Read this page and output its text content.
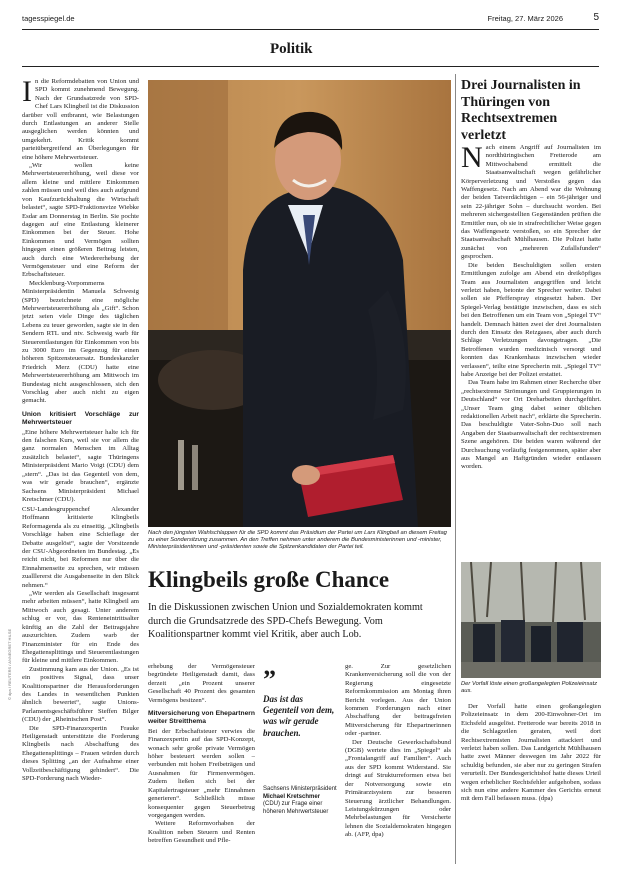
tagesspiegel.de	Freitag, 27. März 2026	5
Politik
© dpa / REUTERS / ANNEGRET HILSE

In die Reformdebatten von Union und SPD kommt zunehmend Bewegung. Nach der Grundsatzrede von SPD-Chef Lars Klingbeil ist die Diskussion darüber voll entbrannt, wie Belastungen durch Entlastungen an anderer Stelle ausgeglichen werden könnten und umgekehrt. Kritik kommt parteiübergreifend an Überlegungen für eine höhere Mehrwertsteuer.

„Wir wollen keine Mehrwertsteuererhöhung, weil diese vor allem kleine und mittlere Einkommen zahlen müssen und weil dies auch aufgrund von Kaufzurückhaltung die Wirtschaft belastet“, sagte SPD-Fraktionsvize Wiebke Esdar am Donnerstag in Berlin. Sie pochte dagegen auf eine Entlastung kleinerer Einkommen bei der Steuer. Hohe Einkommen und Vermögen sollten hingegen einen größeren Beitrag leisten, auch durch eine Wiedererhebung der Vermögensteuer und eine Reform der Erbschaftsteuer.

Mecklenburg-Vorpommerns Ministerpräsidentin Manuela Schwesig (SPD) bezeichnete eine mögliche Mehrwertsteuererhöhung als „Gift“. Schon jetzt seien viele Dinge des täglichen Lebens zu teuer geworden, sagte sie in den Sendern RTL und ntv. Schwesig warb für Steuerentlastungen für Einkommen von bis zu 3000 Euro im Gegenzug für einen höheren Spitzensteuersatz. Bundeskanzler Friedrich Merz (CDU) hatte eine Mehrwertsteuererhöhung am Mittwoch im Bundestag nicht ausgeschlossen, sich den Vorschlag aber auch nicht zu eigen gemacht.

Union kritisiert Vorschläge zur Mehrwertsteuer

„Eine höhere Mehrwertsteuer halte ich für den falschen Kurs, weil sie vor allem die ganz normalen Menschen im Alltag zusätzlich belastet“, sagte Thüringens Ministerpräsident Mario Voigt (CDU) dem „stern“. „Das ist das Gegenteil von dem, was wir gerade brauchen“, ergänzte Sachsens Ministerpräsident Michael Kretschmer (CDU).

Nach den jüngsten Wahlschlappen für die SPD kommt das Präsidium der Partei um Lars Klingbeil an diesem Freitag zu einer Sondersitzung zusammen. An den Treffen nehmen unter anderem die Bundesministerinnen und -minister, Ministerpräsidentinnen und -präsidenten sowie die Spitzenkandidaten der Partei teil.
Klingbeils große Chance
In die Diskussionen zwischen Union und Sozialdemokraten kommt durch die Grundsatzrede des SPD-Chefs Bewegung. Vom Koalitionspartner kommt viel Kritik, aber auch Lob.

erhebung der Vermögensteuer begründete Heiligenstadt damit, dass derzeit „ein Prozent unserer Gesellschaft 40 Prozent des gesamten Vermögens besitzen“.

Mitversicherung von Ehepartnern weiter Streitthema

Bei der Erbschaftsteuer verwies die Finanzexpertin auf das SPD-Konzept, wonach sehr große private Vermögen höher besteuert werden sollen – verbunden mit hohen Freibeträgen und Ausnahmen für Firmenvermögen. Zudem ließen sich bei der Kapitalertragsteuer „mehr Einnahmen generieren“. Schließlich müsse konsequenter gegen Steuerbetrug vorgegangen werden.

Weitere Reformvorhaben der Koalition neben Steuern und Renten betreffen Gesundheit und Pfle-

”
Das ist das Gegenteil von dem, was wir gerade brauchen.
Sachsens Ministerpräsident
Michael Kretschmer
(CDU) zur Frage einer höheren Mehrwertsteuer

ge. Zur gesetzlichen Krankenversicherung soll die von der Regierung eingesetzte Reformkommission am Montag ihren Bericht vorlegen. Aus der Union kommen Forderungen nach einer Abschaffung der beitragsfreien Mitversicherung für Ehepartnerinnen oder -partner.

Der Deutsche Gewerkschaftsbund (DGB) wertete dies im „Spiegel“ als „Frontalangriff auf Familien“. Auch aus der SPD kommt Widerstand. Sie dringt auf Strukturreformen etwa bei der Notversorgung sowie ein Primärarztsystem zur besseren Steuerung ärztlicher Behandlungen. Leistungskürzungen oder Mehrbelastungen für Versicherte lehnen die Sozialdemokraten hingegen ab. (AFP, dpa)

Drei Journalisten in Thüringen von Rechtsextremen verletzt

Nach einem Angriff auf Journalisten im nordthüringischen Fretterode am Mittwochabend ermittelt die Staatsanwaltschaft wegen gefährlicher Körperverletzung und Verstoßes gegen das Waffengesetz. Nach am Abend war die Wohnung der beiden Tatverdächtigen – ein 56-jähriger und sein 22-jähriger Sohn – durchsucht worden. Bei mehreren sichergestellten Gegenständen prüften die Ermittler nun, ob sie in strafrechtlicher Weise gegen das Waffengesetz verstoßen, so ein Sprecher der Staatsanwaltschaft Mühlhausen. Die Polizei hatte zunächst von „mehreren Zufallsfunden“ gesprochen.

Die beiden Beschuldigten sollen ersten Ermittlungen zufolge am Abend ein dreiköpfiges Team aus Journalisten angegriffen und leicht verletzt haben, betonte der Sprecher weiter. Dabei sollen sie Pfefferspray eingesetzt haben. Der Spiegel-Verlag bestätigte inzwischen, dass es sich bei den Betroffenen um ein Team von „Spiegel TV“ handelt. Demnach hätten zwei der drei Journalisten durch den Einsatz des Reizgases, aber auch durch Schläge Verletzungen davongetragen. „Die Betroffenen wurden medizinisch versorgt und konnten das Krankenhaus inzwischen wieder verlassen“, teilte eine Sprecherin mit. „Spiegel TV“ habe Anzeige bei der Polizei erstattet.

Das Team habe im Rahmen einer Recherche über „rechtsextreme Strömungen und Gruppierungen in Deutschland“ vor Ort Dreharbeiten durchgeführt. „Unser Team ging dabei seiner üblichen redaktionellen Arbeit nach“, erklärte die Sprecherin. Das beschuldigte Vater-Sohn-Duo soll nach Angaben der Staatsanwaltschaft der rechtsextremen Szene angehören. Die beiden waren während der Durchsuchung vorläufig festgenommen, später aber aus Mangel an Haftgründen wieder entlassen worden.

Der Vorfall löste einen großangelegten Polizeieinsatz aus.

Der Vorfall hatte einen großangelegten Polizeieinsatz in dem 200-Einwohner-Ort im Eichsfeld ausgelöst. Fretterode war bereits 2018 in die Schlagzeilen geraten, weil dort Rechtsextremisten Journalisten attackiert und verletzt haben sollen. Das Landgericht Mühlhausen hatte zwei Männer deswegen im Jahr 2022 für schuldig befunden, sie aber nur zu geringen Strafen verurteilt. Der Bundesgerichtshof hatte dieses Urteil wegen erheblicher Rechtsfehler aufgehoben, sodass sich nun eine andere Kammer des Gerichts erneut mit dem Fall befassen muss. (dpa)

CSU-Landesgruppenchef Alexander Hoffmann kritisierte Klingbeils Reformagenda als zu einseitig. „Klingbeils Vorschläge haben eine Schieflage der Debatte ausgelöst“, sagte der Vorsitzende der CSU-Abgeordneten im Bundestag. „Es reicht nicht, bei Reformen nur über die Einnahmenseite zu sprechen, wir müssen zualllererst die Ausgabenseite in den Blick nehmen.“

„Wir werden als Gesellschaft insgesamt mehr arbeiten müssen“, hatte Klingbeil am Mittwoch auch gesagt. Unter anderem schlug er vor, das Renteneintrittsalter künftig an die Zahl der Beitragsjahre auszurichten. Zudem warb der Finanzminister für ein Ende des Ehegattensplittings und Steuerentlastungen für kleine und mittlere Einkommen.

Zustimmung kam aus der Union. „Es ist ein positives Signal, dass unser Koalitionspartner die Herausforderungen des Landes in wesentlichen Punkten ähnlich bewertet“, sagte Unions-Parlamentsgeschäftsführer Steffen Bilger (CDU) der „Rheinischen Post“.

Die SPD-Finanzexpertin Frauke Heiligenstadt unterstützte die Forderung Klingbeils nach Abschaffung des Ehegattensplittings – Frauen würden durch dieses Splitting „an der Aufnahme einer Vollzeitbeschäftigung gehindert“. Die SPD-Forderung nach Wieder-
